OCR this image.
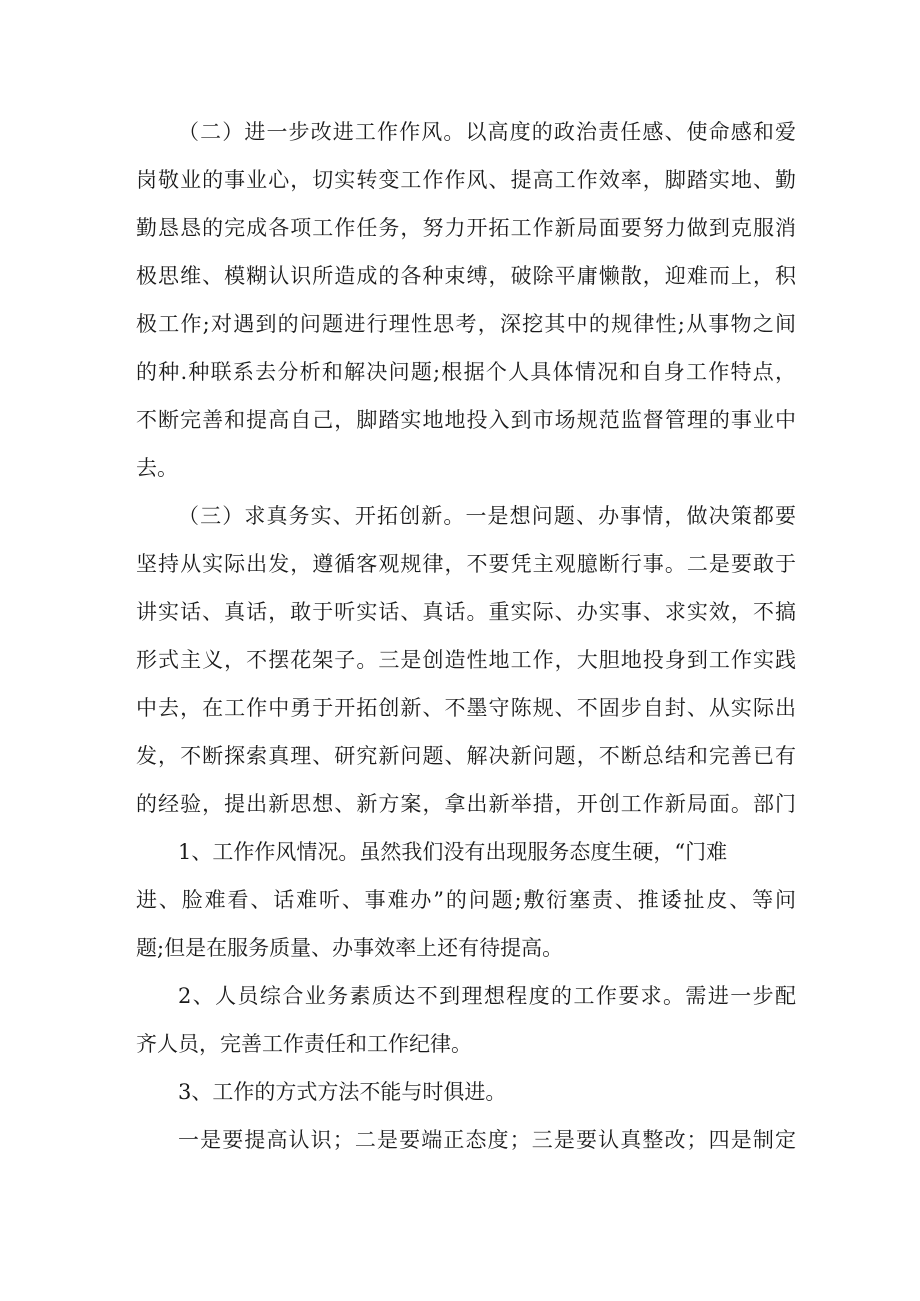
（二）进一步改进工作作风。以高度的政治责任感、使命感和爱
岗敬业的事业心，切实转变工作作风、提高工作效率，脚踏实地、勤
勤恳恳的完成各项工作任务，努力开拓工作新局面要努力做到克服消
极思维、模糊认识所造成的各种束缚，破除平庸懒散，迎难而上，积
极工作;对遇到的问题进行理性思考，深挖其中的规律性;从事物之间
的种.种联系去分析和解决问题;根据个人具体情况和自身工作特点，
不断完善和提高自己，脚踏实地地投入到市场规范监督管理的事业中
去。
（三）求真务实、开拓创新。一是想问题、办事情，做决策都要
坚持从实际出发，遵循客观规律，不要凭主观臆断行事。二是要敢于
讲实话、真话，敢于听实话、真话。重实际、办实事、求实效，不搞
形式主义，不摆花架子。三是创造性地工作，大胆地投身到工作实践
中去，在工作中勇于开拓创新、不墨守陈规、不固步自封、从实际出
发，不断探索真理、研究新问题、解决新问题，不断总结和完善已有
的经验，提出新思想、新方案，拿出新举措，开创工作新局面。部门
1、工作作风情况。虽然我们没有出现服务态度生硬，“门难
进、脸难看、话难听、事难办”的问题;敷衍塞责、推诿扯皮、等问
题;但是在服务质量、办事效率上还有待提高。
2、人员综合业务素质达不到理想程度的工作要求。需进一步配
齐人员，完善工作责任和工作纪律。
3、工作的方式方法不能与时俱进。
一是要提高认识；二是要端正态度；三是要认真整改；四是制定
